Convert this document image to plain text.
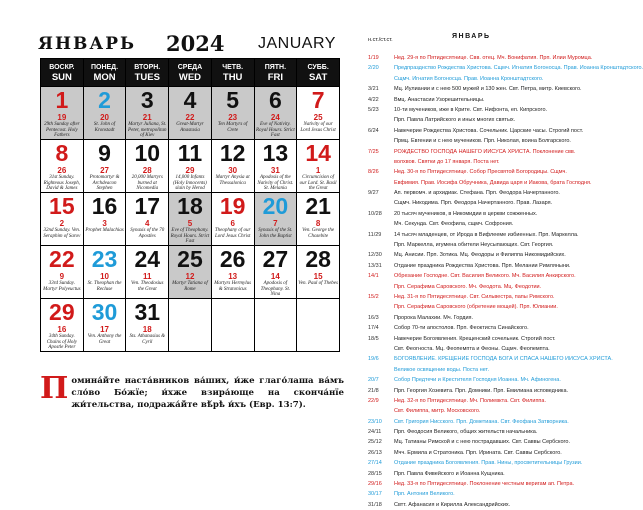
ЯНВАРЬ 2024 JANUARY
ВОСКР.
SUN	ПОНЕД.
MON	ВТОРН.
TUES	СРЕДА
WED	ЧЕТВ.
THU	ПЯТН.
FRI	СУББ.
SAT

1
19
29th Sunday after Pentecost. Holy Fathers	2
20
St. John of Kronstadt	3
21
Martyr Juliana, St. Peter, metropolitan of Kiev	4
22
Great-Martyr Anastasia	5
23
Ten Martyrs of Crete	6
24
Eve of Nativity. Royal Hours. Strict Fast	7
25
Nativity of our Lord Jesus Christ

8
26
31st Sunday. Righteous Joseph, David & James	9
27
Protomartyr & Archdeacon Stephen	10
28
20,000 Martyrs burned at Nicomedia	11
29
14,000 Infants (Holy Innocents) slain by Herod	12
30
Martyr Anysia at Thessalonica	13
31
Apodosis of the Nativity of Christ. St. Melania	14
1
Circumcision of our Lord. St. Basil the Great

15
2
32nd Sunday. Ven. Seraphim of Sarov	16
3
Prophet Malachias	17
4
Synaxis of the 70 Apostles	18
5
Eve of Theophany. Royal Hours. Strict Fast	19
6
Theophany of our Lord Jesus Christ	20
7
Synaxis of the St. John the Baptist	21
8
Ven. George the Chozebite

22
9
33rd Sunday. Martyr Polyeuctus	23
10
St. Theophan the Recluse	24
11
Ven. Theodosius the Great	25
12
Martyr Tatiana of Rome	26
13
Martyrs Hermylus & Stratonicus	27
14
Apodosis of Theophany. St. Nina	28
15
Ven. Paul of Thebes

29
16
34th Sunday. Chains of Holy Apostle Peter	30
17
Ven. Anthony the Great	31
18
Sts. Athanasius & Cyril				

Помина́йте наста́вников ва́ших, и́же глаго́лаша ва́мъ сло́во Бо́жїе; и́хже взира́юще на сконча́нїе жи́тельства, подража́йте вѣ́рѣ и́хъ (Евр. 13:7).
н.ст./ст.ст.	ЯНВАРЬ
1/19	Нед. 29-я по Пятидесятнице. Свв. отец. Мч. Вонифатия. Прп. Илии Муромца.
2/20	Предпразднство Рождества Христова. Сщмч. Игнатия Богоносца. Прав. Иоанна Кронштадтского.
Сщмч. Игнатия Богоносца. Прав. Иоанна Кронштадтского.
3/21	Мц. Иулиании и с нею 500 мужей и 130 жен. Свт. Петра, митр. Киевского.
4/22	Вмц. Анастасии Узорешительницы.
5/23	10-ти мучеников, иже в Крите. Свт. Нифонта, еп. Кипрского.
Прп. Павла Латрийского и иных многих святых.
6/24	Навечерие Рождества Христова. Сочельник. Царские часы. Строгий пост.
Прмц. Евгении и с нею мучеников. Прп. Николая, воина Болгарского.
7/25	РОЖДЕСТВО ГОСПОДА НАШЕГО ИИСУСА ХРИСТА. Поклонение свв.
волхвов. Святки до 17 января. Поста нет.
8/26	Нед. 30-я по Пятидесятнице. Собор Пресвятой Богородицы. Сщмч.
Евфимия. Прав. Иосифа Обручника, Давида царя и Иакова, брата Господня.
9/27	Ап. первомч. и архидиак. Стефана. Прп. Феодора Начертанного.
Сщмч. Никодима. Прп. Феодора Начертанного. Прав. Лазаря.
10/28	20 тысяч мучеников, в Никомидии в церкви сожженных.
Мч. Секунда. Свт. Феофила, сщмч. Софрония.
11/29	14 тысяч младенцев, от Ирода в Вифлееме избиенных. Прп. Маркелла.
Прп. Маркелла, игумена обители Неусыпающих. Свт. Георгия.
12/30	Мц. Анисии. Прп. Зотика. Мц. Феодоры и Филиппа Никомидийских.
13/31	Отдание праздника Рождества Христова. Прп. Мелании Римляныни.
14/1	Обрезание Господне. Свт. Василия Великого. Мч. Василия Анкирского.
Прп. Серафима Саровского. Мч. Феодота. Мц. Феодотии.
15/2	Нед. 31-я по Пятидесятнице. Свт. Сильвестра, папы Римского.
Прп. Серафима Саровского (обретение мощей). Прп. Юлиании.
16/3	Пророка Малахии. Мч. Гордия.
17/4	Собор 70-ти апостолов. Прп. Феоктиста Синайского.
18/5	Навечерие Богоявления. Крещенский сочельник. Строгий пост.
Свт. Феогноста. Мц. Феопемпта и Феоны. Сщмч. Феопемпта.
19/6	БОГОЯВЛЕНИЕ. КРЕЩЕНИЕ ГОСПОДА БОГА И СПАСА НАШЕГО ИИСУСА ХРИСТА.
Великое освящение воды. Поста нет.
20/7	Собор Предтечи и Крестителя Господня Иоанна. Мч. Афиногена.
21/8	Прп. Георгия Хозевита. Прп. Домники. Прп. Емилиана исповедника.
22/9	Нед. 32-я по Пятидесятнице. Мч. Полиевкта. Свт. Филиппа.
Свт. Филиппа, митр. Московского.
23/10	Свт. Григория Нисского. Прп. Дометиана. Свт. Феофана Затворника.
24/11	Прп. Феодосия Великого, общих жительств начальника.
25/12	Мц. Татианы Римской и с нею пострадавших. Свт. Саввы Сербского.
26/13	Мчч. Ермила и Стратоника. Прп. Ирината. Свт. Саввы Сербского.
27/14	Отдание праздника Богоявления. Прав. Нины, просветительницы Грузии.
28/15	Прп. Павла Фивейского и Иоанна Кущника.
29/16	Нед. 33-я по Пятидесятнице. Поклонение честным веригам ап. Петра.
30/17	Прп. Антония Великого.
31/18	Свтт. Афанасия и Кирилла Александрийских.
